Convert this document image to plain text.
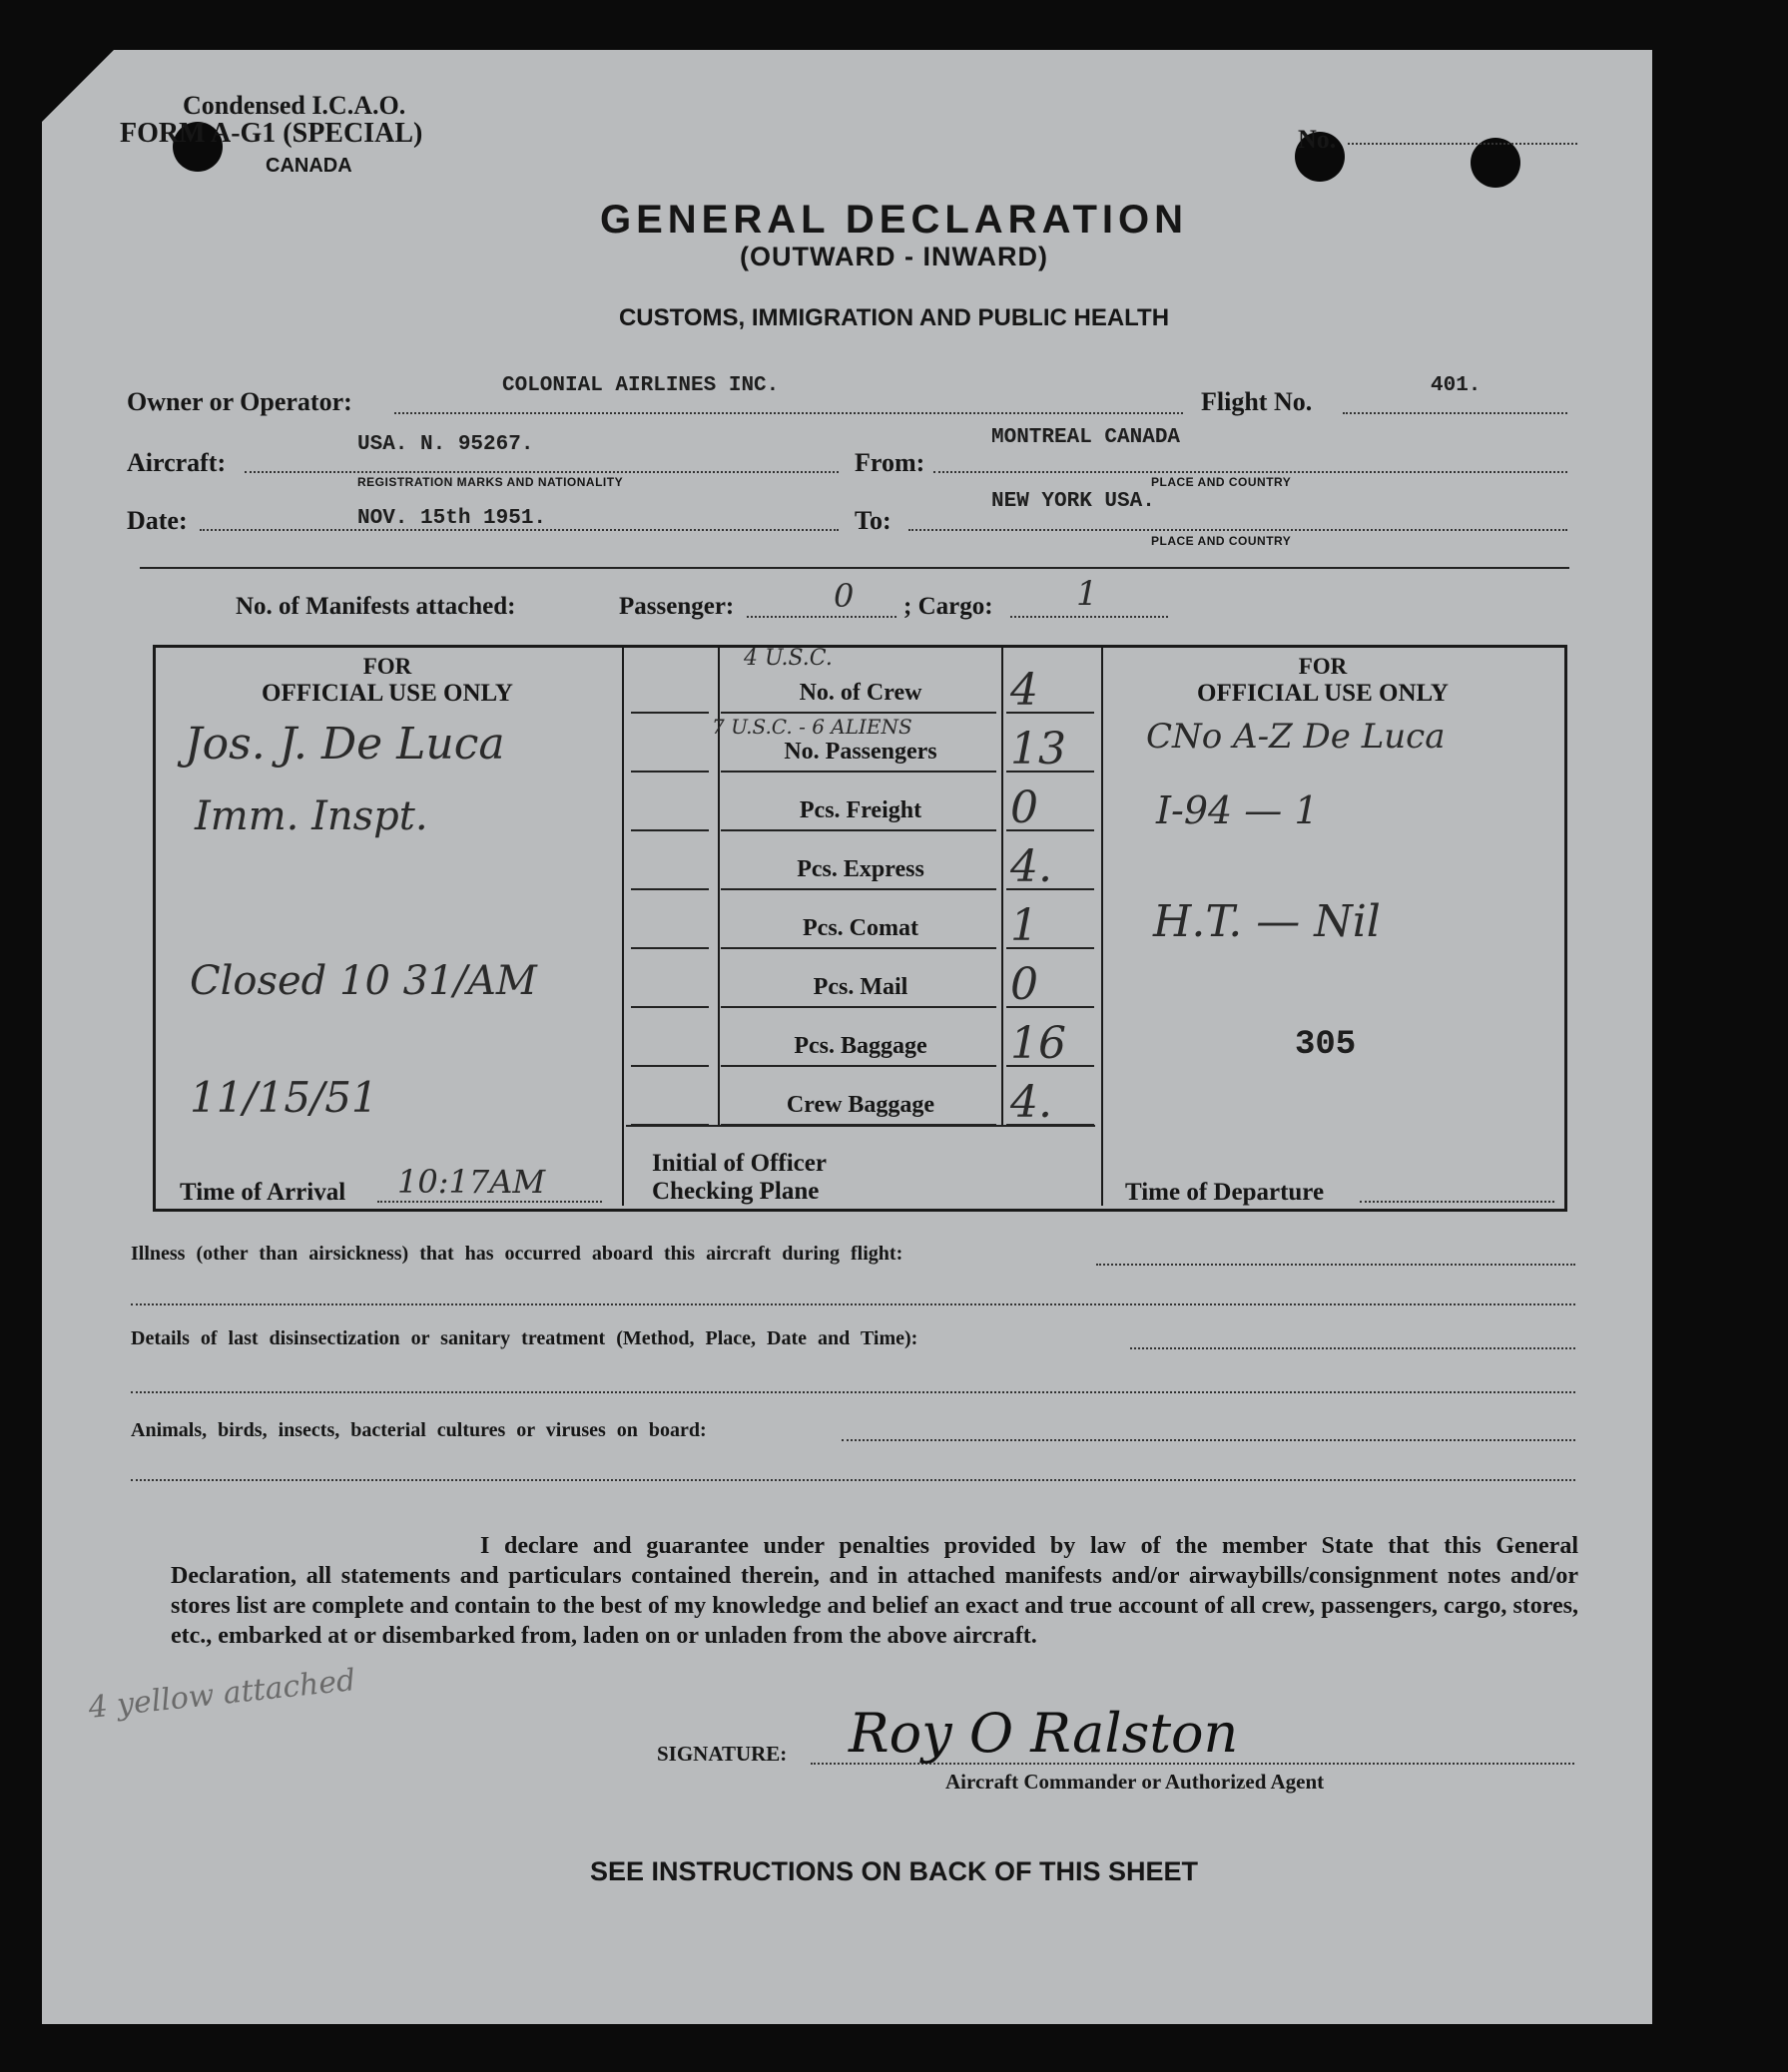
Condensed I.C.A.O.
FORM A-G1 (SPECIAL)
CANADA
No.
GENERAL DECLARATION
(OUTWARD - INWARD)
CUSTOMS, IMMIGRATION AND PUBLIC HEALTH
Owner or Operator:
COLONIAL AIRLINES INC.
Flight No.
401.
Aircraft:
USA. N. 95267.
REGISTRATION MARKS AND NATIONALITY
From:
MONTREAL CANADA
PLACE AND COUNTRY
Date:	NOV. 15th 1951.	To:
NEW YORK USA.
PLACE AND COUNTRY
No. of Manifests attached:	Passenger:	0 ; Cargo: 1
FOR
OFFICIAL USE ONLY
Jos. J. De Luca
Imm. Inspt.
Closed 10 31/AM
11/15/51
Time of Arrival 10:17AM
No. of Crew	4
No. Passengers	13
Pcs. Freight	0
Pcs. Express	4.
Pcs. Comat	1
Pcs. Mail	0
Pcs. Baggage	16
Crew Baggage	4.
4 U.S.C.
7 U.S.C. - 6 ALIENS
Initial of Officer
Checking Plane
FOR
OFFICIAL USE ONLY
CNo A-Z De Luca
I-94 — 1
H.T. — Nil
305
Time of Departure
Illness (other than airsickness) that has occurred aboard this aircraft during flight:
Details of last disinsectization or sanitary treatment (Method, Place, Date and Time):
Animals, birds, insects, bacterial cultures or viruses on board:
I declare and guarantee under penalties provided by law of the member State that this General Declaration, all statements and particulars contained therein, and in attached manifests and/or airwaybills/consignment notes and/or stores list are complete and contain to the best of my knowledge and belief an exact and true account of all crew, passengers, cargo, stores, etc., embarked at or disembarked from, laden on or unladen from the above aircraft.
4 yellow attached
SIGNATURE: Roy O Ralston
Aircraft Commander or Authorized Agent
SEE INSTRUCTIONS ON BACK OF THIS SHEET
